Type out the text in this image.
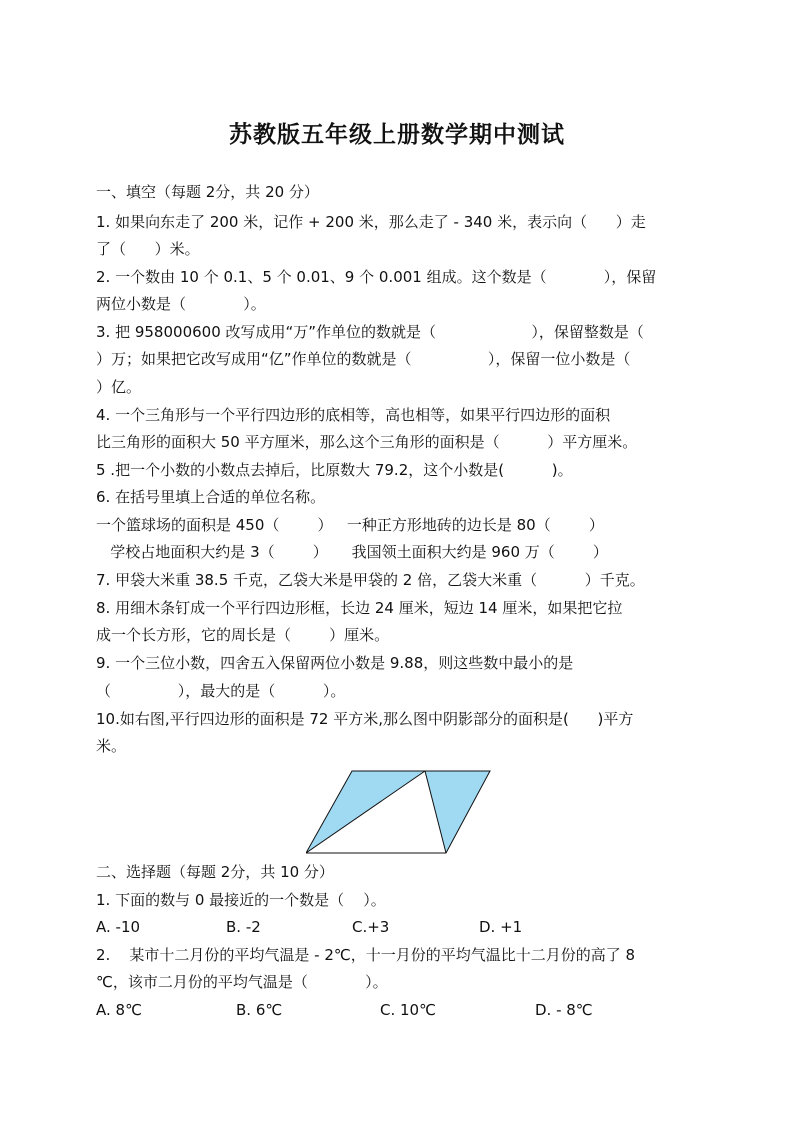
苏教版五年级上册数学期中测试
一、填空（每题 2分，共 20 分）
1. 如果向东走了 200 米，记作 + 200 米，那么走了 - 340 米，表示向（      ）走
了（      ）米。
2. 一个数由 10 个 0.1、5 个 0.01、9 个 0.001 组成。这个数是（            ），保留
两位小数是（            ）。
3. 把 958000600 改写成用“万”作单位的数就是（                    ），保留整数是（
）万；如果把它改写成用“亿”作单位的数就是（                ），保留一位小数是（
）亿。
4. 一个三角形与一个平行四边形的底相等，高也相等，如果平行四边形的面积
比三角形的面积大 50 平方厘米，那么这个三角形的面积是（          ）平方厘米。
5 .把一个小数的小数点去掉后，比原数大 79.2，这个小数是(          )。
6. 在括号里填上合适的单位名称。
一个篮球场的面积是 450（        ）   一种正方形地砖的边长是 80（        ）
学校占地面积大约是 3（        ）     我国领土面积大约是 960 万（        ）
7. 甲袋大米重 38.5 千克，乙袋大米是甲袋的 2 倍，乙袋大米重（          ）千克。
8. 用细木条钉成一个平行四边形框，长边 24 厘米，短边 14 厘米，如果把它拉
成一个长方形，它的周长是（        ）厘米。
9. 一个三位小数，四舍五入保留两位小数是 9.88，则这些数中最小的是
（              ），最大的是（          ）。
10.如右图,平行四边形的面积是 72 平方米,那么图中阴影部分的面积是(      )平方
米。
二、选择题（每题 2分，共 10 分）
1. 下面的数与 0 最接近的一个数是（    ）。
A. -10	B. -2	C.+3	D. +1
2.    某市十二月份的平均气温是 - 2℃，十一月份的平均气温比十二月份的高了 8
℃，该市二月份的平均气温是（            ）。
A. 8℃	B. 6℃	C. 10℃	D. - 8℃
